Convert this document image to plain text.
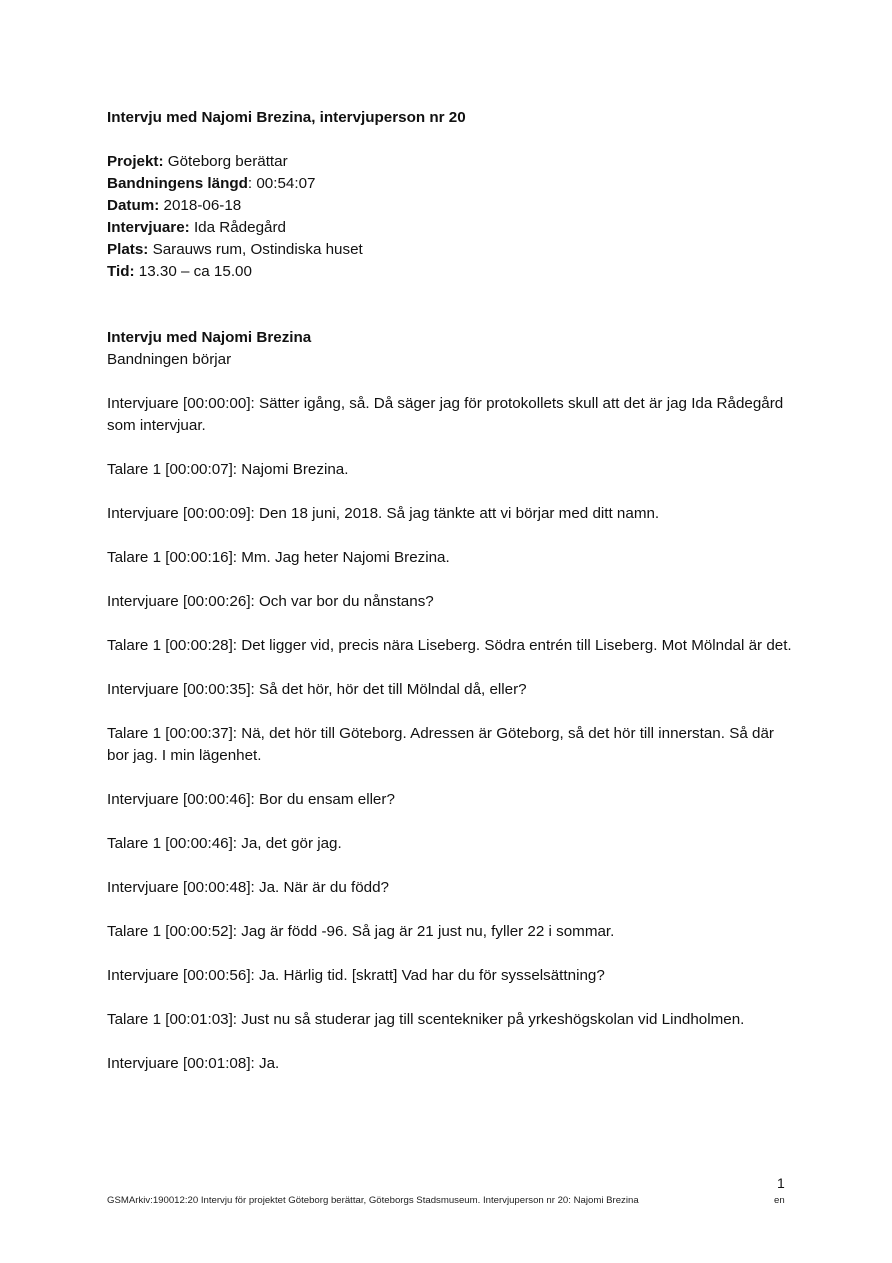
Intervju med Najomi Brezina, intervjuperson nr 20
Projekt: Göteborg berättar
Bandningens längd: 00:54:07
Datum: 2018-06-18
Intervjuare: Ida Rådegård
Plats: Sarauws rum, Ostindiska huset
Tid: 13.30 – ca 15.00
Intervju med Najomi Brezina
Bandningen börjar

Intervjuare [00:00:00]: Sätter igång, så. Då säger jag för protokollets skull att det är jag Ida Rådegård som intervjuar.

Talare 1 [00:00:07]: Najomi Brezina.

Intervjuare [00:00:09]: Den 18 juni, 2018. Så jag tänkte att vi börjar med ditt namn.

Talare 1 [00:00:16]: Mm. Jag heter Najomi Brezina.

Intervjuare [00:00:26]: Och var bor du nånstans?

Talare 1 [00:00:28]: Det ligger vid, precis nära Liseberg. Södra entrén till Liseberg. Mot Mölndal är det.

Intervjuare [00:00:35]: Så det hör, hör det till Mölndal då, eller?

Talare 1 [00:00:37]: Nä, det hör till Göteborg. Adressen är Göteborg, så det hör till innerstan. Så där bor jag. I min lägenhet.

Intervjuare [00:00:46]: Bor du ensam eller?

Talare 1 [00:00:46]: Ja, det gör jag.

Intervjuare [00:00:48]: Ja. När är du född?

Talare 1 [00:00:52]: Jag är född -96. Så jag är 21 just nu, fyller 22 i sommar.

Intervjuare [00:00:56]: Ja. Härlig tid. [skratt] Vad har du för sysselsättning?

Talare 1 [00:01:03]: Just nu så studerar jag till scentekniker på yrkeshögskolan vid Lindholmen.

Intervjuare [00:01:08]: Ja.

1
GSMArkiv:190012:20 Intervju för projektet Göteborg berättar, Göteborgs Stadsmuseum. Intervjuperson nr 20: Najomi Brezina	en
